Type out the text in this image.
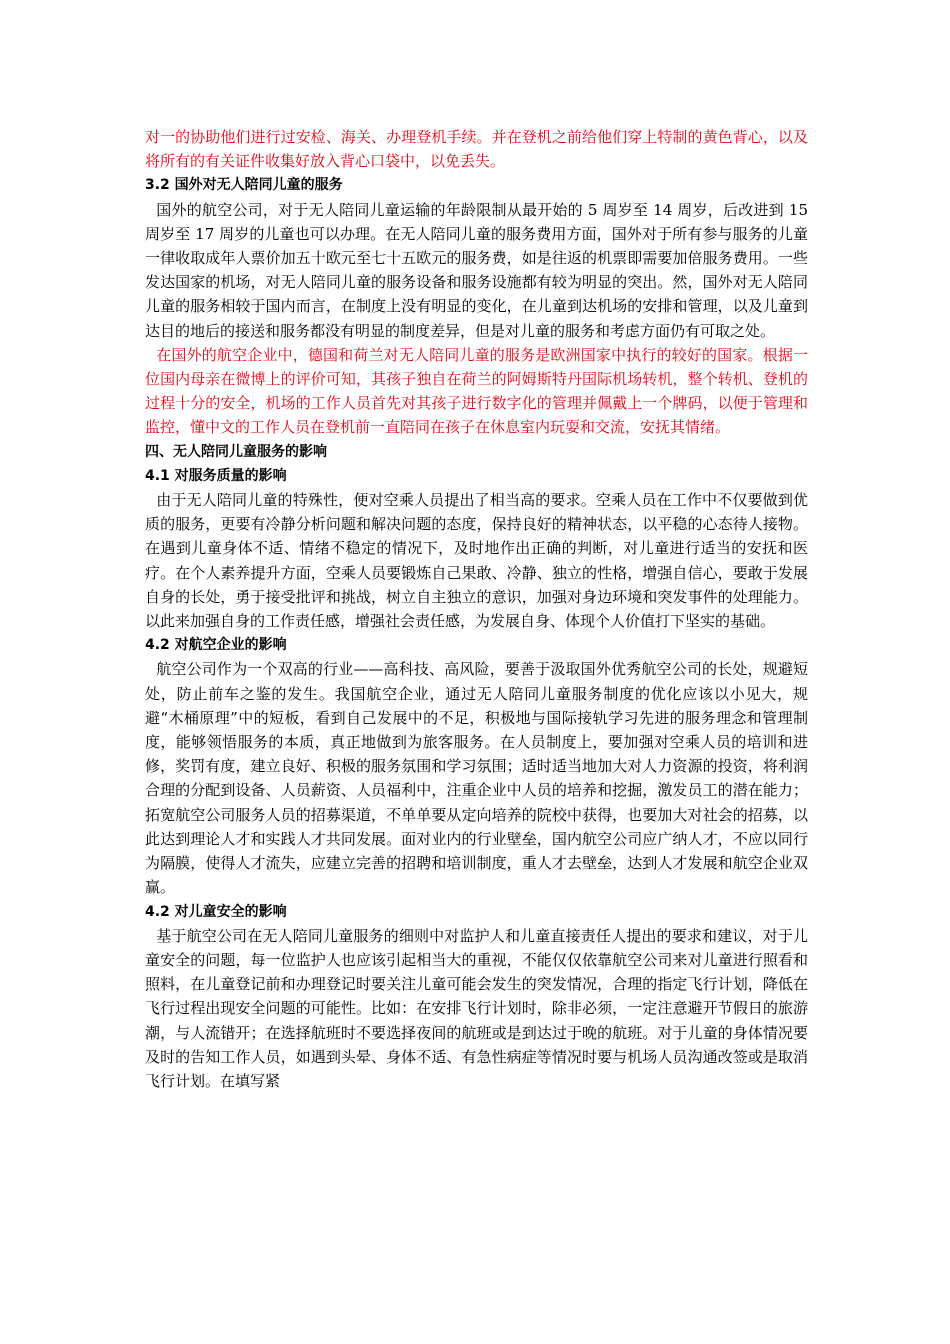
对一的协助他们进行过安检、海关、办理登机手续。并在登机之前给他们穿上特制的黄色背心，以及将所有的有关证件收集好放入背心口袋中，以免丢失。

3.2 国外对无人陪同儿童的服务

国外的航空公司，对于无人陪同儿童运输的年龄限制从最开始的 5 周岁至 14 周岁，后改进到 15 周岁至 17 周岁的儿童也可以办理。在无人陪同儿童的服务费用方面，国外对于所有参与服务的儿童一律收取成年人票价加五十欧元至七十五欧元的服务费，如是往返的机票即需要加倍服务费用。一些发达国家的机场，对无人陪同儿童的服务设备和服务设施都有较为明显的突出。然，国外对无人陪同儿童的服务相较于国内而言，在制度上没有明显的变化，在儿童到达机场的安排和管理，以及儿童到达目的地后的接送和服务都没有明显的制度差异，但是对儿童的服务和考虑方面仍有可取之处。

在国外的航空企业中，德国和荷兰对无人陪同儿童的服务是欧洲国家中执行的较好的国家。根据一位国内母亲在微博上的评价可知，其孩子独自在荷兰的阿姆斯特丹国际机场转机，整个转机、登机的过程十分的安全，机场的工作人员首先对其孩子进行数字化的管理并佩戴上一个牌码，以便于管理和监控，懂中文的工作人员在登机前一直陪同在孩子在休息室内玩耍和交流，安抚其情绪。

四、无人陪同儿童服务的影响

4.1 对服务质量的影响

由于无人陪同儿童的特殊性，便对空乘人员提出了相当高的要求。空乘人员在工作中不仅要做到优质的服务，更要有冷静分析问题和解决问题的态度，保持良好的精神状态，以平稳的心态待人接物。在遇到儿童身体不适、情绪不稳定的情况下，及时地作出正确的判断，对儿童进行适当的安抚和医疗。在个人素养提升方面，空乘人员要锻炼自己果敢、冷静、独立的性格，增强自信心，要敢于发展自身的长处，勇于接受批评和挑战，树立自主独立的意识，加强对身边环境和突发事件的处理能力。以此来加强自身的工作责任感，增强社会责任感，为发展自身、体现个人价值打下坚实的基础。

4.2 对航空企业的影响

航空公司作为一个双高的行业——高科技、高风险，要善于汲取国外优秀航空公司的长处，规避短处，防止前车之鉴的发生。我国航空企业，通过无人陪同儿童服务制度的优化应该以小见大，规避“木桶原理”中的短板，看到自己发展中的不足，积极地与国际接轨学习先进的服务理念和管理制度，能够领悟服务的本质，真正地做到为旅客服务。在人员制度上，要加强对空乘人员的培训和进修，奖罚有度，建立良好、积极的服务氛围和学习氛围；适时适当地加大对人力资源的投资，将利润合理的分配到设备、人员薪资、人员福利中，注重企业中人员的培养和挖掘，激发员工的潜在能力；拓宽航空公司服务人员的招募渠道，不单单要从定向培养的院校中获得，也要加大对社会的招募，以此达到理论人才和实践人才共同发展。面对业内的行业壁垒，国内航空公司应广纳人才，不应以同行为隔膜，使得人才流失，应建立完善的招聘和培训制度，重人才去壁垒，达到人才发展和航空企业双赢。

4.2 对儿童安全的影响

基于航空公司在无人陪同儿童服务的细则中对监护人和儿童直接责任人提出的要求和建议，对于儿童安全的问题，每一位监护人也应该引起相当大的重视，不能仅仅依靠航空公司来对儿童进行照看和照料，在儿童登记前和办理登记时要关注儿童可能会发生的突发情况，合理的指定飞行计划，降低在飞行过程出现安全问题的可能性。比如：在安排飞行计划时，除非必须，一定注意避开节假日的旅游潮，与人流错开；在选择航班时不要选择夜间的航班或是到达过于晚的航班。对于儿童的身体情况要及时的告知工作人员，如遇到头晕、身体不适、有急性病症等情况时要与机场人员沟通改签或是取消飞行计划。在填写紧
